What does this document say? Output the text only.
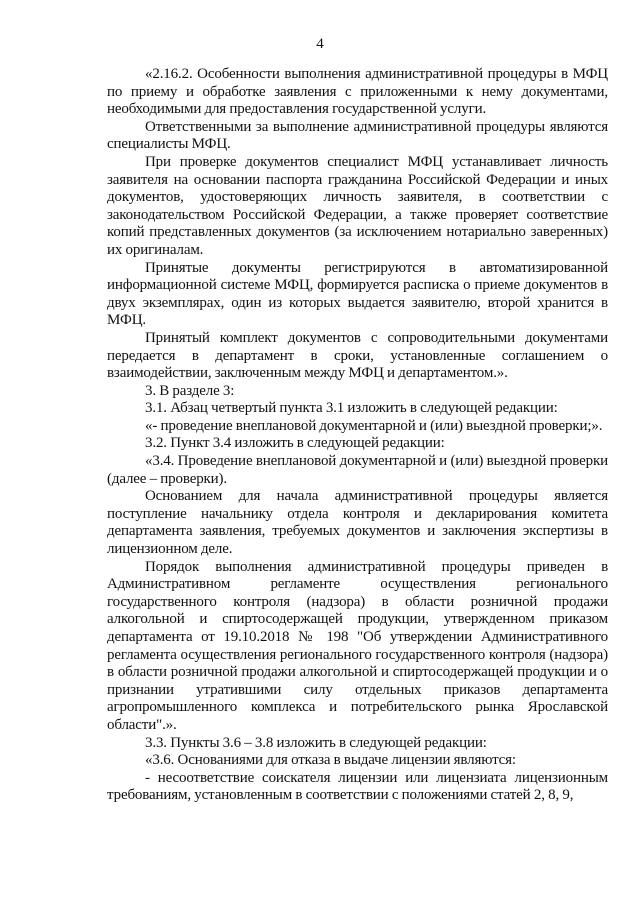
4

«2.16.2. Особенности выполнения административной процедуры в МФЦ по приему и обработке заявления с приложенными к нему документами, необходимыми для предоставления государственной услуги.

Ответственными за выполнение административной процедуры являются специалисты МФЦ.

При проверке документов специалист МФЦ устанавливает личность заявителя на основании паспорта гражданина Российской Федерации и иных документов, удостоверяющих личность заявителя, в соответствии с законодательством Российской Федерации, а также проверяет соответствие копий представленных документов (за исключением нотариально заверенных) их оригиналам.

Принятые документы регистрируются в автоматизированной информационной системе МФЦ, формируется расписка о приеме документов в двух экземплярах, один из которых выдается заявителю, второй хранится в МФЦ.

Принятый комплект документов с сопроводительными документами передается в департамент в сроки, установленные соглашением о взаимодействии, заключенным между МФЦ и департаментом.».

3. В разделе 3:

3.1. Абзац четвертый пункта 3.1 изложить в следующей редакции:

«- проведение внеплановой документарной и (или) выездной проверки;».

3.2. Пункт 3.4 изложить в следующей редакции:

«3.4. Проведение внеплановой документарной и (или) выездной проверки (далее – проверки).

Основанием для начала административной процедуры является поступление начальнику отдела контроля и декларирования комитета департамента заявления, требуемых документов и заключения экспертизы в лицензионном деле.

Порядок выполнения административной процедуры приведен в Административном регламенте осуществления регионального государственного контроля (надзора) в области розничной продажи алкогольной и спиртосодержащей продукции, утвержденном приказом департамента от 19.10.2018 № 198 "Об утверждении Административного регламента осуществления регионального государственного контроля (надзора) в области розничной продажи алкогольной и спиртосодержащей продукции и о признании утратившими силу отдельных приказов департамента агропромышленного комплекса и потребительского рынка Ярославской области".».

3.3. Пункты 3.6 – 3.8 изложить в следующей редакции:

«3.6. Основаниями для отказа в выдаче лицензии являются:

- несоответствие соискателя лицензии или лицензиата лицензионным требованиям, установленным в соответствии с положениями статей 2, 8, 9,
